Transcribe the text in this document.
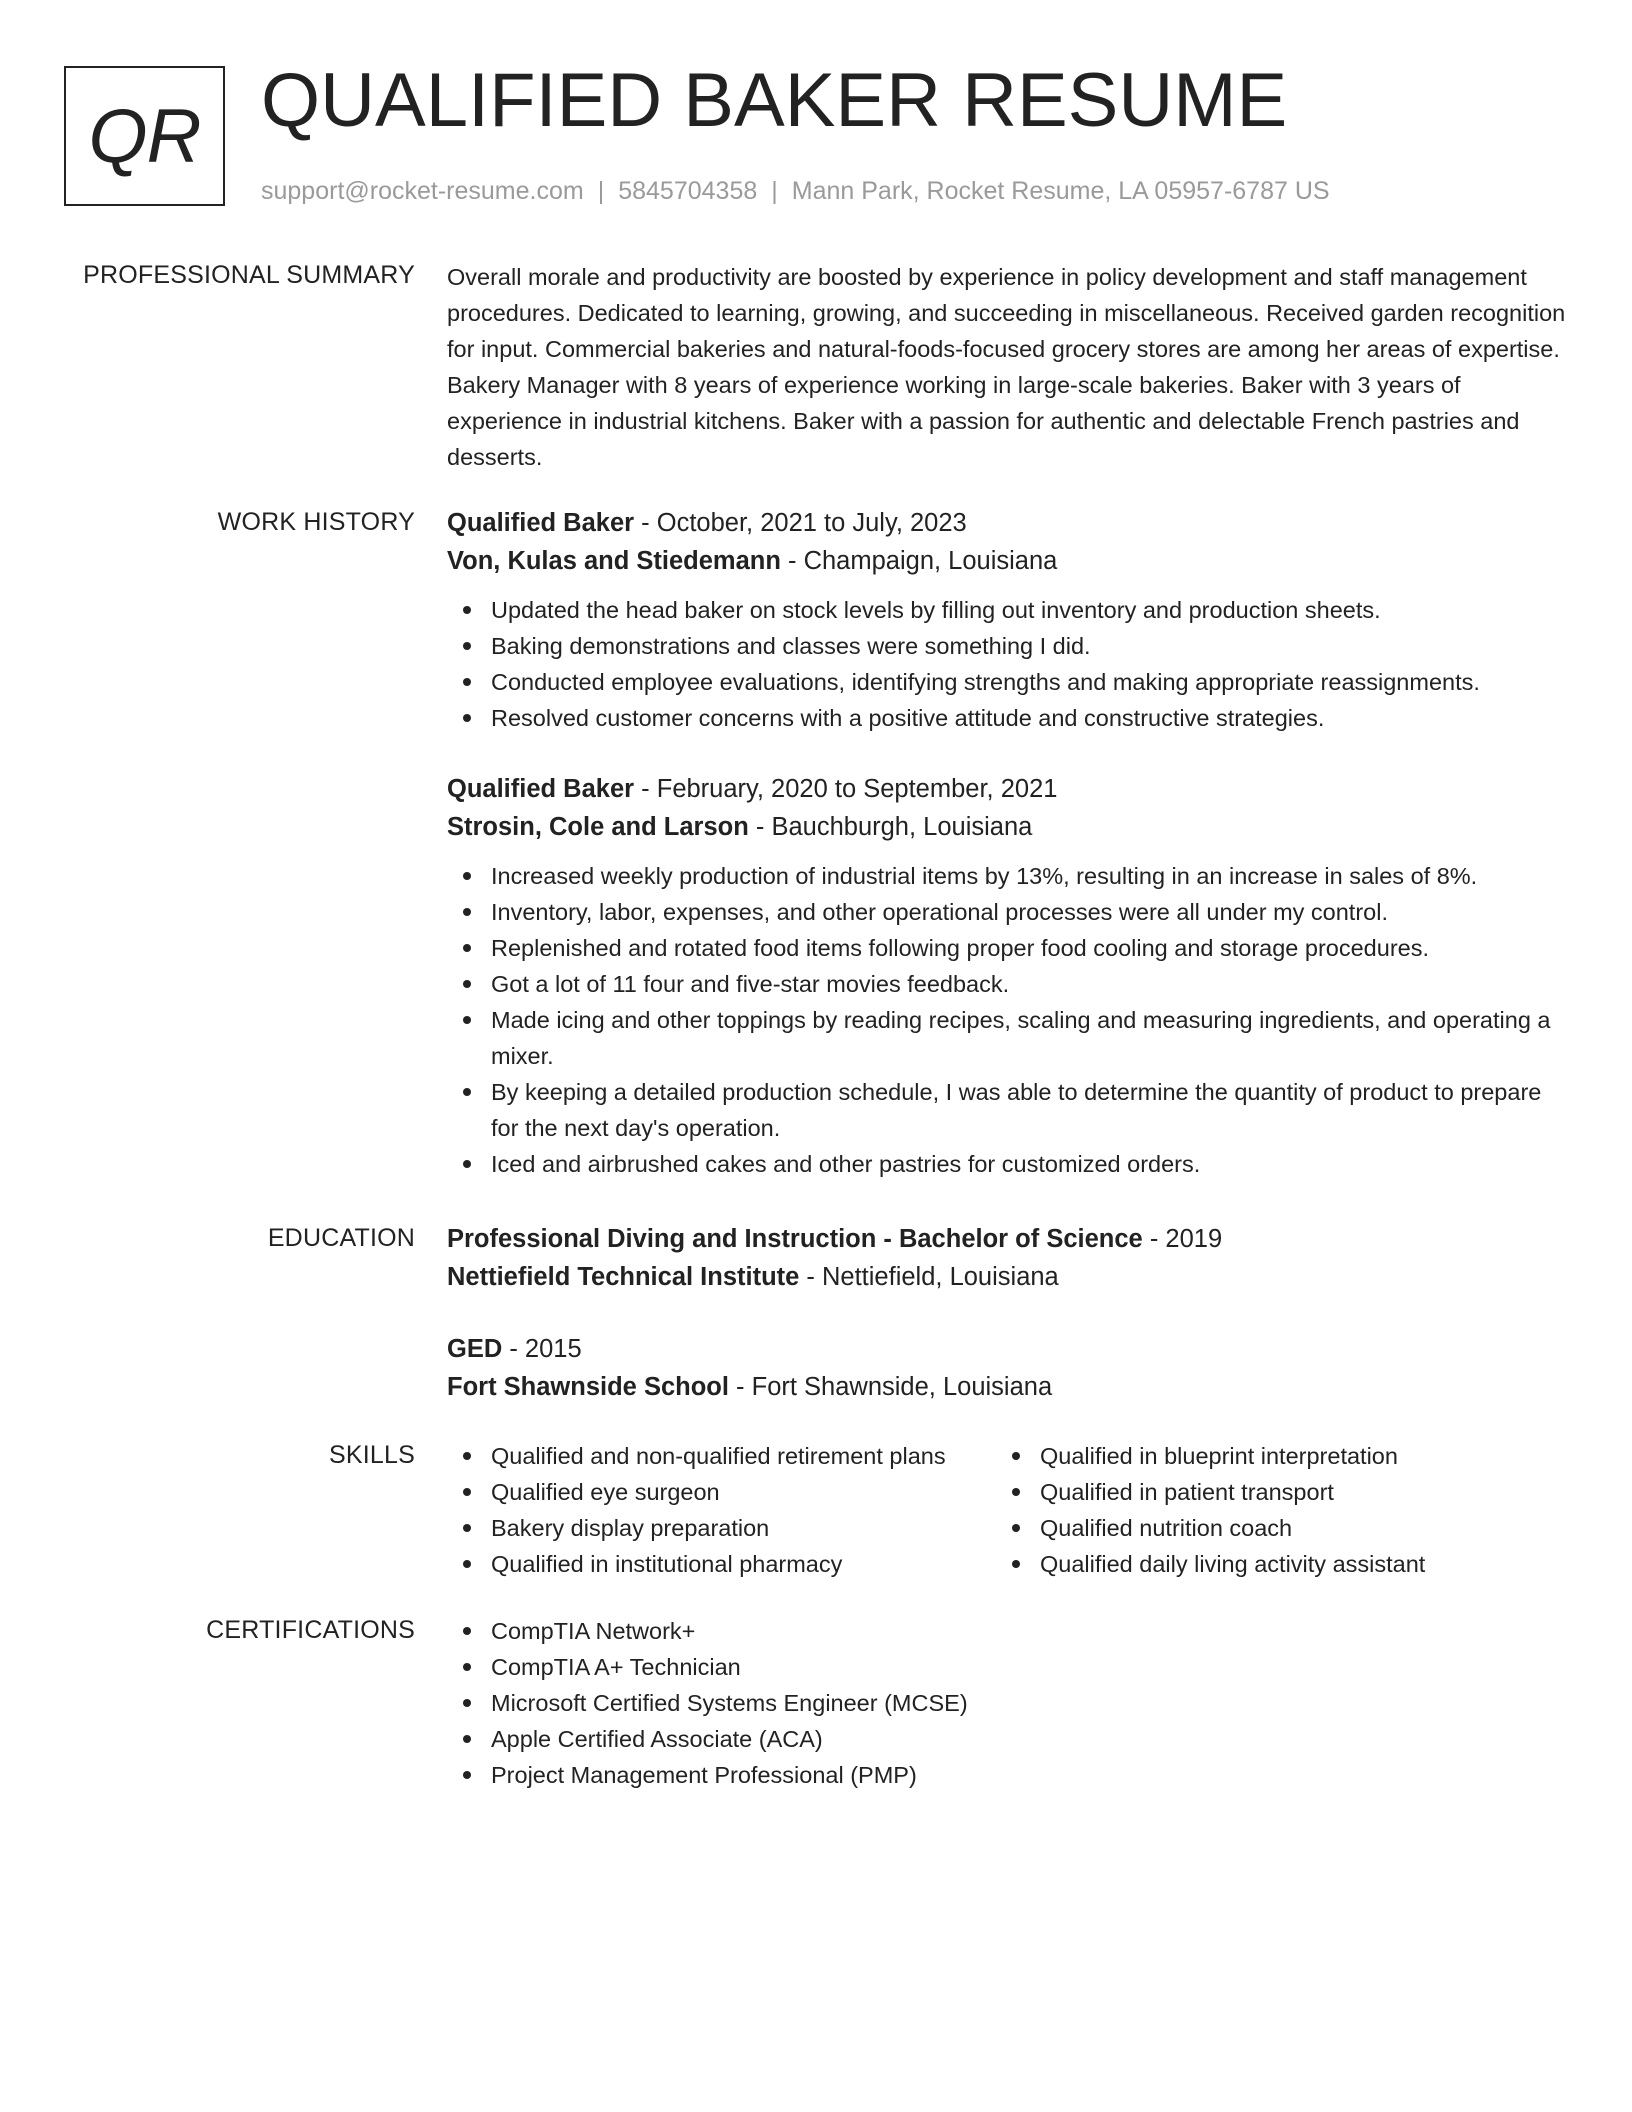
QR QUALIFIED BAKER RESUME
support@rocket-resume.com | 5845704358 | Mann Park, Rocket Resume, LA 05957-6787 US
PROFESSIONAL SUMMARY Overall morale and productivity are boosted by experience in policy development and staff management procedures. Dedicated to learning, growing, and succeeding in miscellaneous. Received garden recognition for input. Commercial bakeries and natural-foods-focused grocery stores are among her areas of expertise. Bakery Manager with 8 years of experience working in large-scale bakeries. Baker with 3 years of experience in industrial kitchens. Baker with a passion for authentic and delectable French pastries and desserts.

WORK HISTORY Qualified Baker - October, 2021 to July, 2023
Von, Kulas and Stiedemann - Champaign, Louisiana
Updated the head baker on stock levels by filling out inventory and production sheets.
Baking demonstrations and classes were something I did.
Conducted employee evaluations, identifying strengths and making appropriate reassignments.
Resolved customer concerns with a positive attitude and constructive strategies.
Qualified Baker - February, 2020 to September, 2021
Strosin, Cole and Larson - Bauchburgh, Louisiana
Increased weekly production of industrial items by 13%, resulting in an increase in sales of 8%.
Inventory, labor, expenses, and other operational processes were all under my control.
Replenished and rotated food items following proper food cooling and storage procedures.
Got a lot of 11 four and five-star movies feedback.
Made icing and other toppings by reading recipes, scaling and measuring ingredients, and operating a mixer.
By keeping a detailed production schedule, I was able to determine the quantity of product to prepare for the next day's operation.
Iced and airbrushed cakes and other pastries for customized orders.
EDUCATION Professional Diving and Instruction - Bachelor of Science - 2019
Nettiefield Technical Institute - Nettiefield, Louisiana
GED - 2015
Fort Shawnside School - Fort Shawnside, Louisiana
SKILLS	Qualified and non-qualified retirement plans
Qualified eye surgeon
Bakery display preparation
Qualified in institutional pharmacy
Qualified in blueprint interpretation
Qualified in patient transport
Qualified nutrition coach
Qualified daily living activity assistant
CERTIFICATIONS	CompTIA Network+
CompTIA A+ Technician
Microsoft Certified Systems Engineer (MCSE)
Apple Certified Associate (ACA)
Project Management Professional (PMP)
